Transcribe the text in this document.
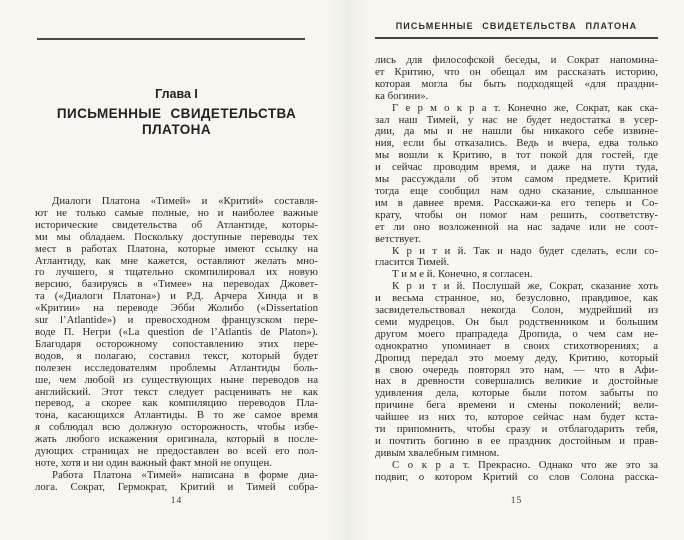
Глава I
ПИСЬМЕННЫЕ СВИДЕТЕЛЬСТВА
ПЛАТОНА
Диалоги Платона «Тимей» и «Критий» составля-
ют не только самые полные, но и наиболее важные
исторические свидетельства об Атлантиде, которы-
ми мы обладаем. Поскольку доступные переводы тех
мест в работах Платона, которые имеют ссылку на
Атлантиду, как мне кажется, оставляют желать мно-
го лучшего, я тщательно скомпилировал их новую
версию, базируясь в «Тимее» на переводах Джовет-
та («Диалоги Платона») и Р.Д. Арчера Хинда и в
«Критии» на переводе Эбби Жолибо («Dissertation
sur l’Atlantide») и превосходном французском пере-
воде П. Негри («La question de l’Atlantis de Platon»).
Благодаря осторожному сопоставлению этих пере-
водов, я полагаю, составил текст, который будет
полезен исследователям проблемы Атлантиды боль-
ше, чем любой из существующих ныне переводов на
английский. Этот текст следует расценивать не как
перевод, а скорее как компиляцию переводов Пла-
тона, касающихся Атлантиды. В то же самое время
я соблюдал всю должную осторожность, чтобы избе-
жать любого искажения оригинала, который в после-
дующих страницах не предоставлен во всей его пол-
ноте, хотя и ни один важный факт мной не опущен.
Работа Платона «Тимей» написана в форме диа-
лога. Сократ, Гермократ, Критий и Тимей собра-
14
ПИСЬМЕННЫЕ СВИДЕТЕЛЬСТВА ПЛАТОНА
лись для философской беседы, и Сократ напомина-
ет Критию, что он обещал им рассказать историю,
которая могла бы быть подходящей «для праздни-
ка богини».
Г е р м о к р а т. Конечно же, Сократ, как ска-
зал наш Тимей, у нас не будет недостатка в усер-
дии, да мы и не нашли бы никакого себе извине-
ния, если бы отказались. Ведь и вчера, едва только
мы вошли к Критию, в тот покой для гостей, где
и сейчас проводим время, и даже на пути туда,
мы рассуждали об этом самом предмете. Критий
тогда еще сообщил нам одно сказание, слышанное
им в давнее время. Расскажи-ка его теперь и Со-
крату, чтобы он помог нам решить, соответству-
ет ли оно возложенной на нас задаче или не соот-
ветствует.
К р и т и й. Так и надо будет сделать, если со-
гласится Тимей.
Т и м е й. Конечно, я согласен.
К р и т и й. Послушай же, Сократ, сказание хоть
и весьма странное, но, безусловно, правдивое, как
засвидетельствовал некогда Солон, мудрейший из
семи мудрецов. Он был родственником и большим
другом моего прапрадеда Дропида, о чем сам не-
однократно упоминает в своих стихотворениях; а
Дропид передал это моему деду, Критию, который
в свою очередь повторял это нам, — что в Афи-
нах в древности совершались великие и достойные
удивления дела, которые были потом забыты по
причине бега времени и смены поколений; вели-
чайшее из них то, которое сейчас нам будет кста-
ти припомнить, чтобы сразу и отблагодарить тебя,
и почтить богиню в ее праздник достойным и прав-
дивым хвалебным гимном.
С о к р а т. Прекрасно. Однако что же это за
подвиг, о котором Критий со слов Солона расска-
15
